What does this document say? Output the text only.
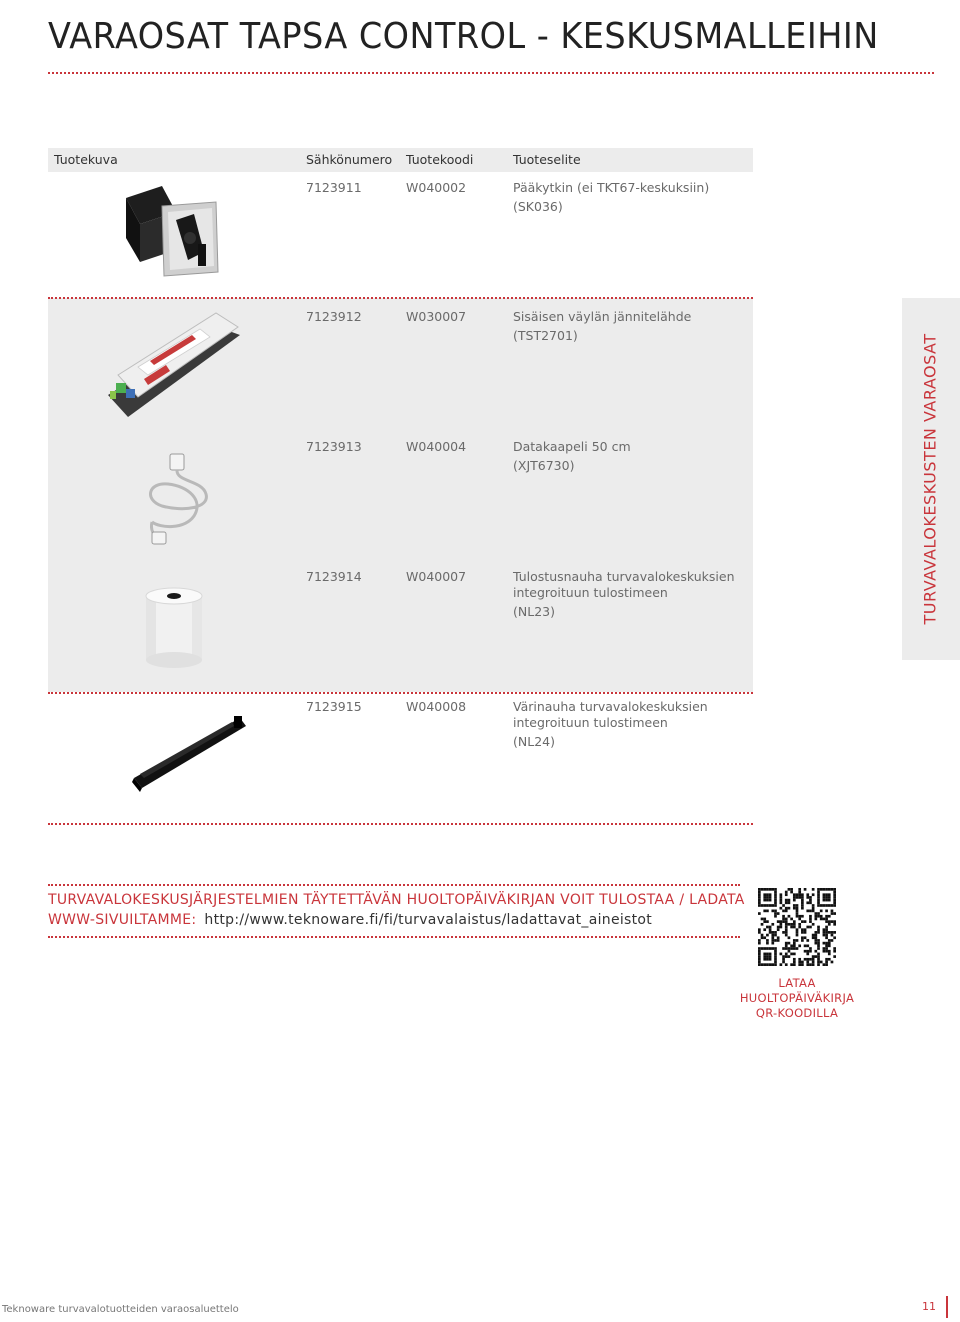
VARAOSAT TAPSA CONTROL - KESKUSMALLEIHIN
Tuotekuva	Sähkönumero Tuotekoodi	Tuoteselite
7123911	W040002	Pääkytkin (ei TKT67-keskuksiin)
(SK036)
7123912	W030007	Sisäisen väylän jännitelähde
(TST2701)
7123913	W040004	Datakaapeli 50 cm
(XJT6730)
7123914	W040007	Tulostusnauha turvavalokeskuksien
integroituun tulostimeen
(NL23)
7123915	W040008	Värinauha turvavalokeskuksien
integroituun tulostimeen
(NL24)
TURVAVALOKESKUSTEN VARAOSAT
TURVAVALOKESKUSJÄRJESTELMIEN TÄYTETTÄVÄN HUOLTOPÄIVÄKIRJAN VOIT TULOSTAA / LADATA
WWW-SIVUILTAMME: http://www.teknoware.fi/fi/turvavalaistus/ladattavat_aineistot
LATAA
HUOLTOPÄIVÄKIRJA
QR-KOODILLA
Teknoware turvavalotuotteiden varaosaluettelo	11
